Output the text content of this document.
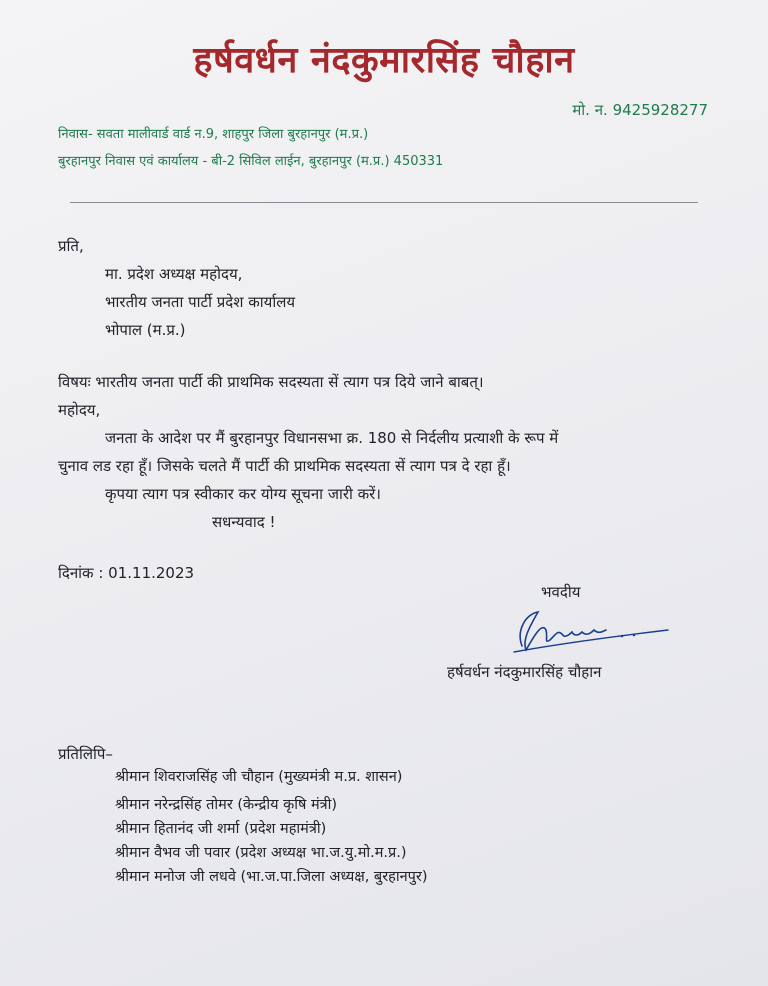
हर्षवर्धन नंदकुमारसिंह चौहान
मो. न. 9425928277
निवास- सवता मालीवार्ड वार्ड न.9, शाहपुर जिला बुरहानपुर (म.प्र.)
बुरहानपुर निवास एवं कार्यालय - बी-2 सिविल लाईन, बुरहानपुर (म.प्र.) 450331
प्रति,
मा. प्रदेश अध्यक्ष महोदय,
भारतीय जनता पार्टी प्रदेश कार्यालय
भोपाल (म.प्र.)
विषयः भारतीय जनता पार्टी की प्राथमिक सदस्यता सें त्याग पत्र दिये जाने बाबत्।
महोदय,
जनता के आदेश पर मैं बुरहानपुर विधानसभा क्र. 180 से निर्दलीय प्रत्याशी के रूप में
चुनाव लड रहा हूँ। जिसके चलते मैं पार्टी की प्राथमिक सदस्यता सें त्याग पत्र दे रहा हूँ।
कृपया त्याग पत्र स्वीकार कर योग्य सूचना जारी करें।
सधन्यवाद !
दिनांक : 01.11.2023
भवदीय
हर्षवर्धन नंदकुमारसिंह चौहान
प्रतिलिपि–
श्रीमान शिवराजसिंह जी चौहान (मुख्यमंत्री म.प्र. शासन)
श्रीमान नरेन्द्रसिंह तोमर (केन्द्रीय कृषि मंत्री)
श्रीमान हितानंद जी शर्मा (प्रदेश महामंत्री)
श्रीमान वैभव जी पवार (प्रदेश अध्यक्ष भा.ज.यु.मो.म.प्र.)
श्रीमान मनोज जी लधवे (भा.ज.पा.जिला अध्यक्ष, बुरहानपुर)
